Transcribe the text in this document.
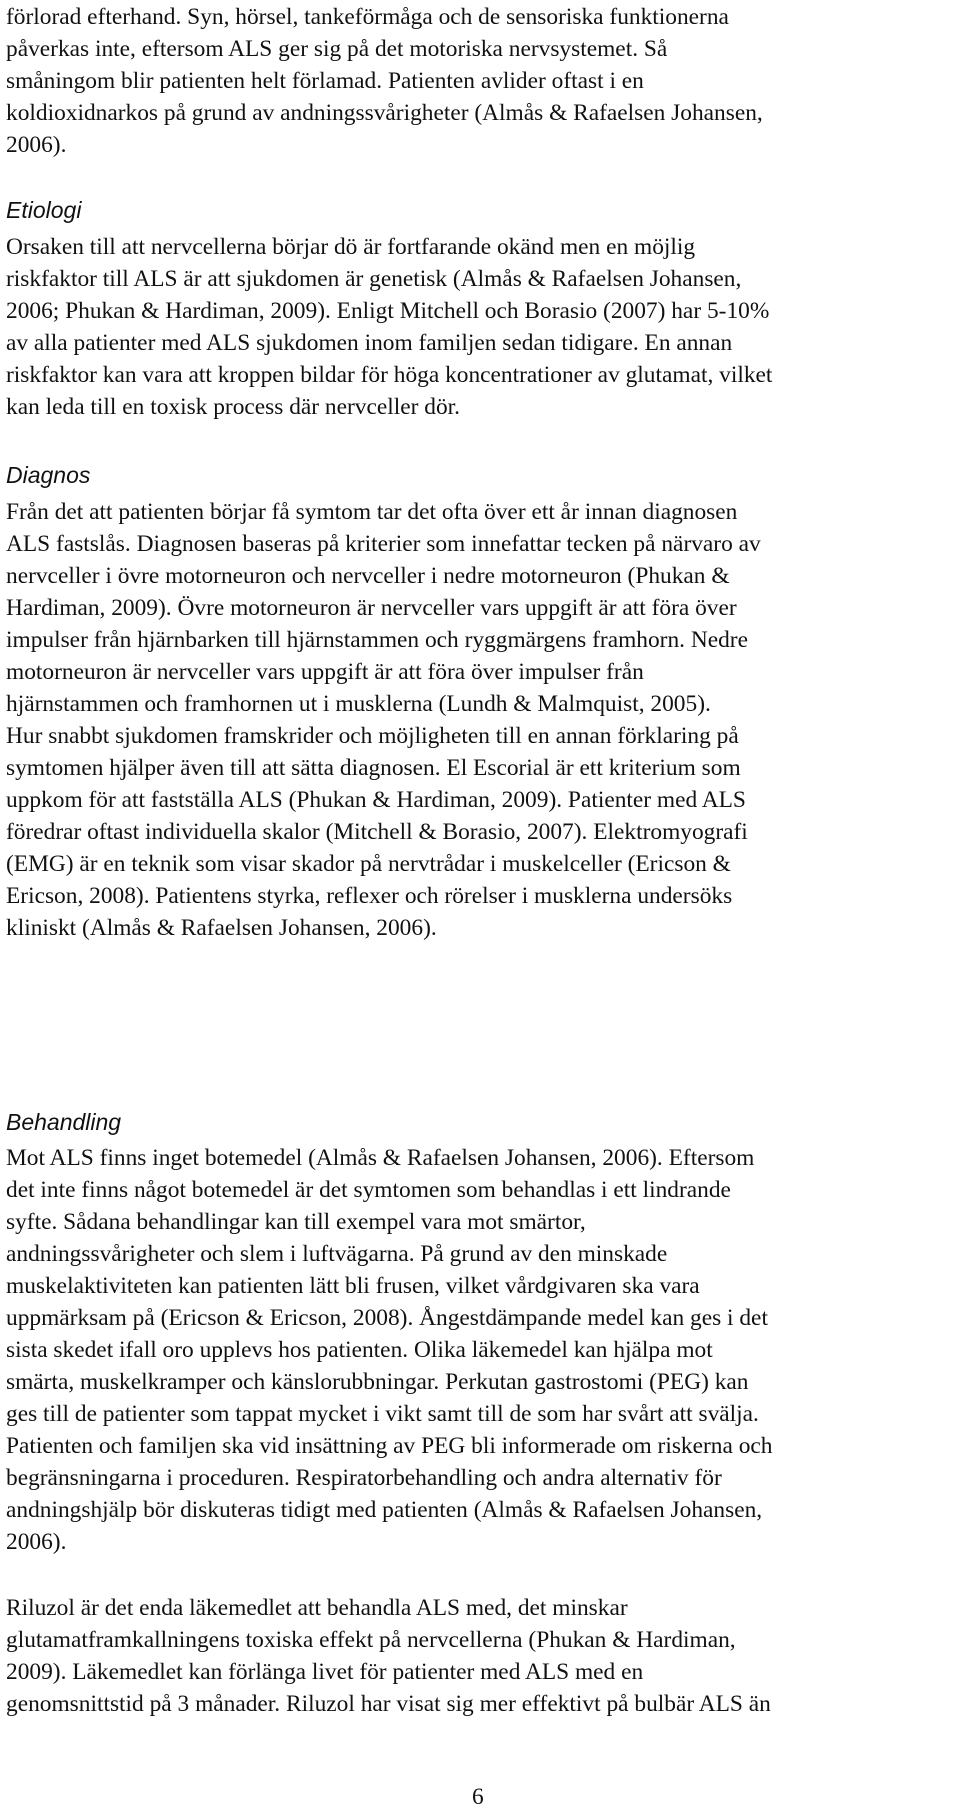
förlorad efterhand. Syn, hörsel, tankeförmåga och de sensoriska funktionerna
påverkas inte, eftersom ALS ger sig på det motoriska nervsystemet. Så
småningom blir patienten helt förlamad. Patienten avlider oftast i en
koldioxidnarkos på grund av andningssvårigheter (Almås & Rafaelsen Johansen,
2006).
Etiologi
Orsaken till att nervcellerna börjar dö är fortfarande okänd men en möjlig
riskfaktor till ALS är att sjukdomen är genetisk (Almås & Rafaelsen Johansen,
2006; Phukan & Hardiman, 2009). Enligt Mitchell och Borasio (2007) har 5-10%
av alla patienter med ALS sjukdomen inom familjen sedan tidigare. En annan
riskfaktor kan vara att kroppen bildar för höga koncentrationer av glutamat, vilket
kan leda till en toxisk process där nervceller dör.
Diagnos
Från det att patienten börjar få symtom tar det ofta över ett år innan diagnosen
ALS fastslås. Diagnosen baseras på kriterier som innefattar tecken på närvaro av
nervceller i övre motorneuron och nervceller i nedre motorneuron (Phukan &
Hardiman, 2009). Övre motorneuron är nervceller vars uppgift är att föra över
impulser från hjärnbarken till hjärnstammen och ryggmärgens framhorn. Nedre
motorneuron är nervceller vars uppgift är att föra över impulser från
hjärnstammen och framhornen ut i musklerna (Lundh & Malmquist, 2005).
Hur snabbt sjukdomen framskrider och möjligheten till en annan förklaring på
symtomen hjälper även till att sätta diagnosen. El Escorial är ett kriterium som
uppkom för att fastställa ALS (Phukan & Hardiman, 2009). Patienter med ALS
föredrar oftast individuella skalor (Mitchell & Borasio, 2007). Elektromyografi
(EMG) är en teknik som visar skador på nervtrådar i muskelceller (Ericson &
Ericson, 2008). Patientens styrka, reflexer och rörelser i musklerna undersöks
kliniskt (Almås & Rafaelsen Johansen, 2006).
Behandling
Mot ALS finns inget botemedel (Almås & Rafaelsen Johansen, 2006). Eftersom
det inte finns något botemedel är det symtomen som behandlas i ett lindrande
syfte. Sådana behandlingar kan till exempel vara mot smärtor,
andningssvårigheter och slem i luftvägarna. På grund av den minskade
muskelaktiviteten kan patienten lätt bli frusen, vilket vårdgivaren ska vara
uppmärksam på (Ericson & Ericson, 2008). Ångestdämpande medel kan ges i det
sista skedet ifall oro upplevs hos patienten. Olika läkemedel kan hjälpa mot
smärta, muskelkramper och känslorubbningar. Perkutan gastrostomi (PEG) kan
ges till de patienter som tappat mycket i vikt samt till de som har svårt att svälja.
Patienten och familjen ska vid insättning av PEG bli informerade om riskerna och
begränsningarna i proceduren. Respiratorbehandling och andra alternativ för
andningshjälp bör diskuteras tidigt med patienten (Almås & Rafaelsen Johansen,
2006).
Riluzol är det enda läkemedlet att behandla ALS med, det minskar
glutamatframkallningens toxiska effekt på nervcellerna (Phukan & Hardiman,
2009). Läkemedlet kan förlänga livet för patienter med ALS med en
genomsnittstid på 3 månader. Riluzol har visat sig mer effektivt på bulbär ALS än
6
